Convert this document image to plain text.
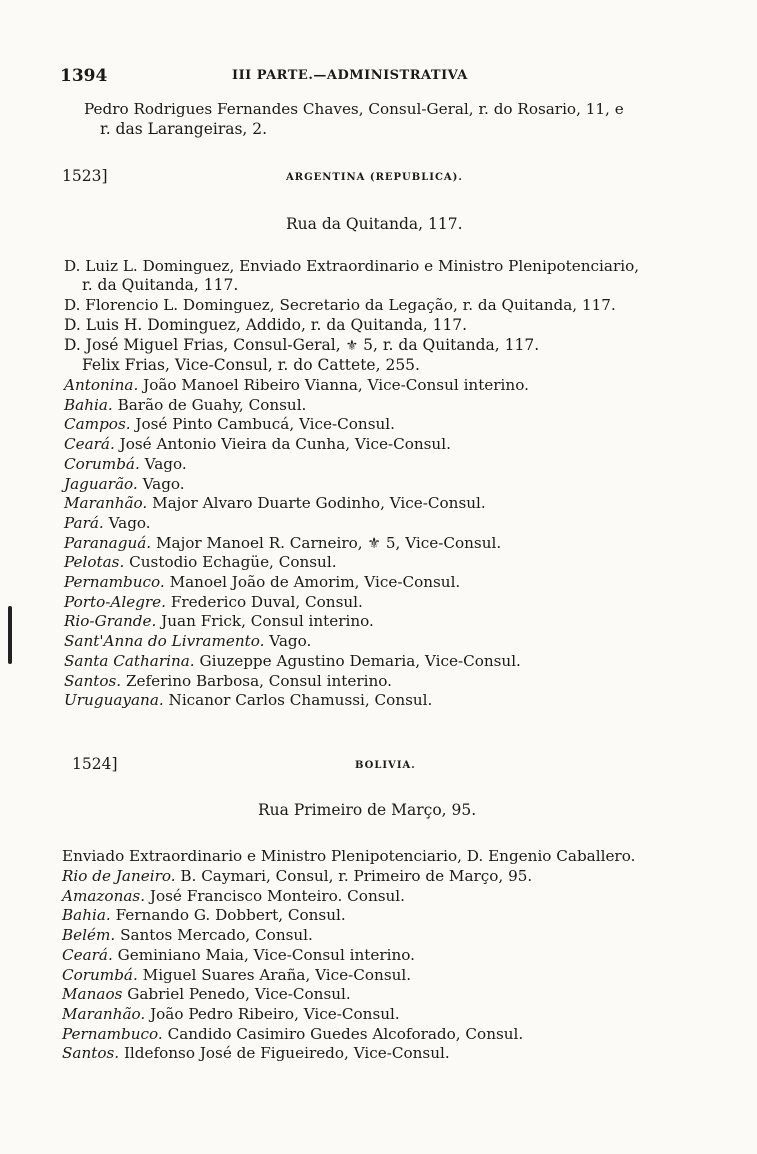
1394	III PARTE.—ADMINISTRATIVA
Pedro Rodrigues Fernandes Chaves, Consul-Geral, r. do Rosario, 11, e
r. das Larangeiras, 2.
1523]	ARGENTINA (REPUBLICA).
Rua da Quitanda, 117.
D. Luiz L. Dominguez, Enviado Extraordinario e Ministro Plenipotenciario,
r. da Quitanda, 117.
D. Florencio L. Dominguez, Secretario da Legação, r. da Quitanda, 117.
D. Luis H. Dominguez, Addido, r. da Quitanda, 117.
D. José Miguel Frias, Consul-Geral, ⚜ 5, r. da Quitanda, 117.
Felix Frias, Vice-Consul, r. do Cattete, 255.
Antonina. João Manoel Ribeiro Vianna, Vice-Consul interino.
Bahia. Barão de Guahy, Consul.
Campos. José Pinto Cambucá, Vice-Consul.
Ceará. José Antonio Vieira da Cunha, Vice-Consul.
Corumbá. Vago.
Jaguarão. Vago.
Maranhão. Major Alvaro Duarte Godinho, Vice-Consul.
Pará. Vago.
Paranaguá. Major Manoel R. Carneiro, ⚜ 5, Vice-Consul.
Pelotas. Custodio Echagüe, Consul.
Pernambuco. Manoel João de Amorim, Vice-Consul.
Porto-Alegre. Frederico Duval, Consul.
Rio-Grande. Juan Frick, Consul interino.
Sant'Anna do Livramento. Vago.
Santa Catharina. Giuzeppe Agustino Demaria, Vice-Consul.
Santos. Zeferino Barbosa, Consul interino.
Uruguayana. Nicanor Carlos Chamussi, Consul.
1524]	BOLIVIA.
Rua Primeiro de Março, 95.
Enviado Extraordinario e Ministro Plenipotenciario, D. Engenio Caballero.
Rio de Janeiro. B. Caymari, Consul, r. Primeiro de Março, 95.
Amazonas. José Francisco Monteiro. Consul.
Bahia. Fernando G. Dobbert, Consul.
Belém. Santos Mercado, Consul.
Ceará. Geminiano Maia, Vice-Consul interino.
Corumbá. Miguel Suares Araña, Vice-Consul.
Manaos Gabriel Penedo, Vice-Consul.
Maranhão. João Pedro Ribeiro, Vice-Consul.
Pernambuco. Candido Casimiro Guedes Alcoforado, Consul.
Santos. Ildefonso José de Figueiredo, Vice-Consul.
